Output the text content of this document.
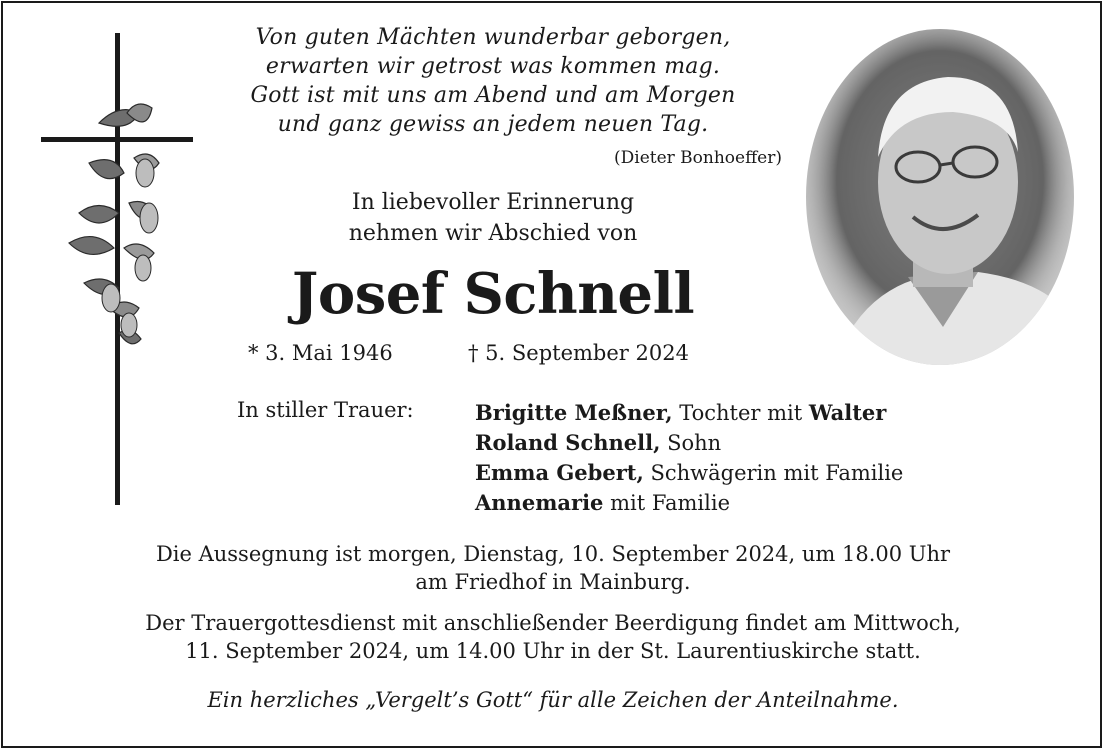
Von guten Mächten wunderbar geborgen,
erwarten wir getrost was kommen mag.
Gott ist mit uns am Abend und am Morgen
und ganz gewiss an jedem neuen Tag.
(Dieter Bonhoeffer)
In liebevoller Erinnerung
nehmen wir Abschied von
Josef Schnell
* 3. Mai 1946	† 5. September 2024
In stiller Trauer:	Brigitte Meßner, Tochter mit Walter
Roland Schnell, Sohn
Emma Gebert, Schwägerin mit Familie
Annemarie mit Familie
Die Aussegnung ist morgen, Dienstag, 10. September 2024, um 18.00 Uhr
am Friedhof in Mainburg.
Der Trauergottesdienst mit anschließender Beerdigung findet am Mittwoch,
11. September 2024, um 14.00 Uhr in der St. Laurentiuskirche statt.
Ein herzliches „Vergelt’s Gott“ für alle Zeichen der Anteilnahme.
